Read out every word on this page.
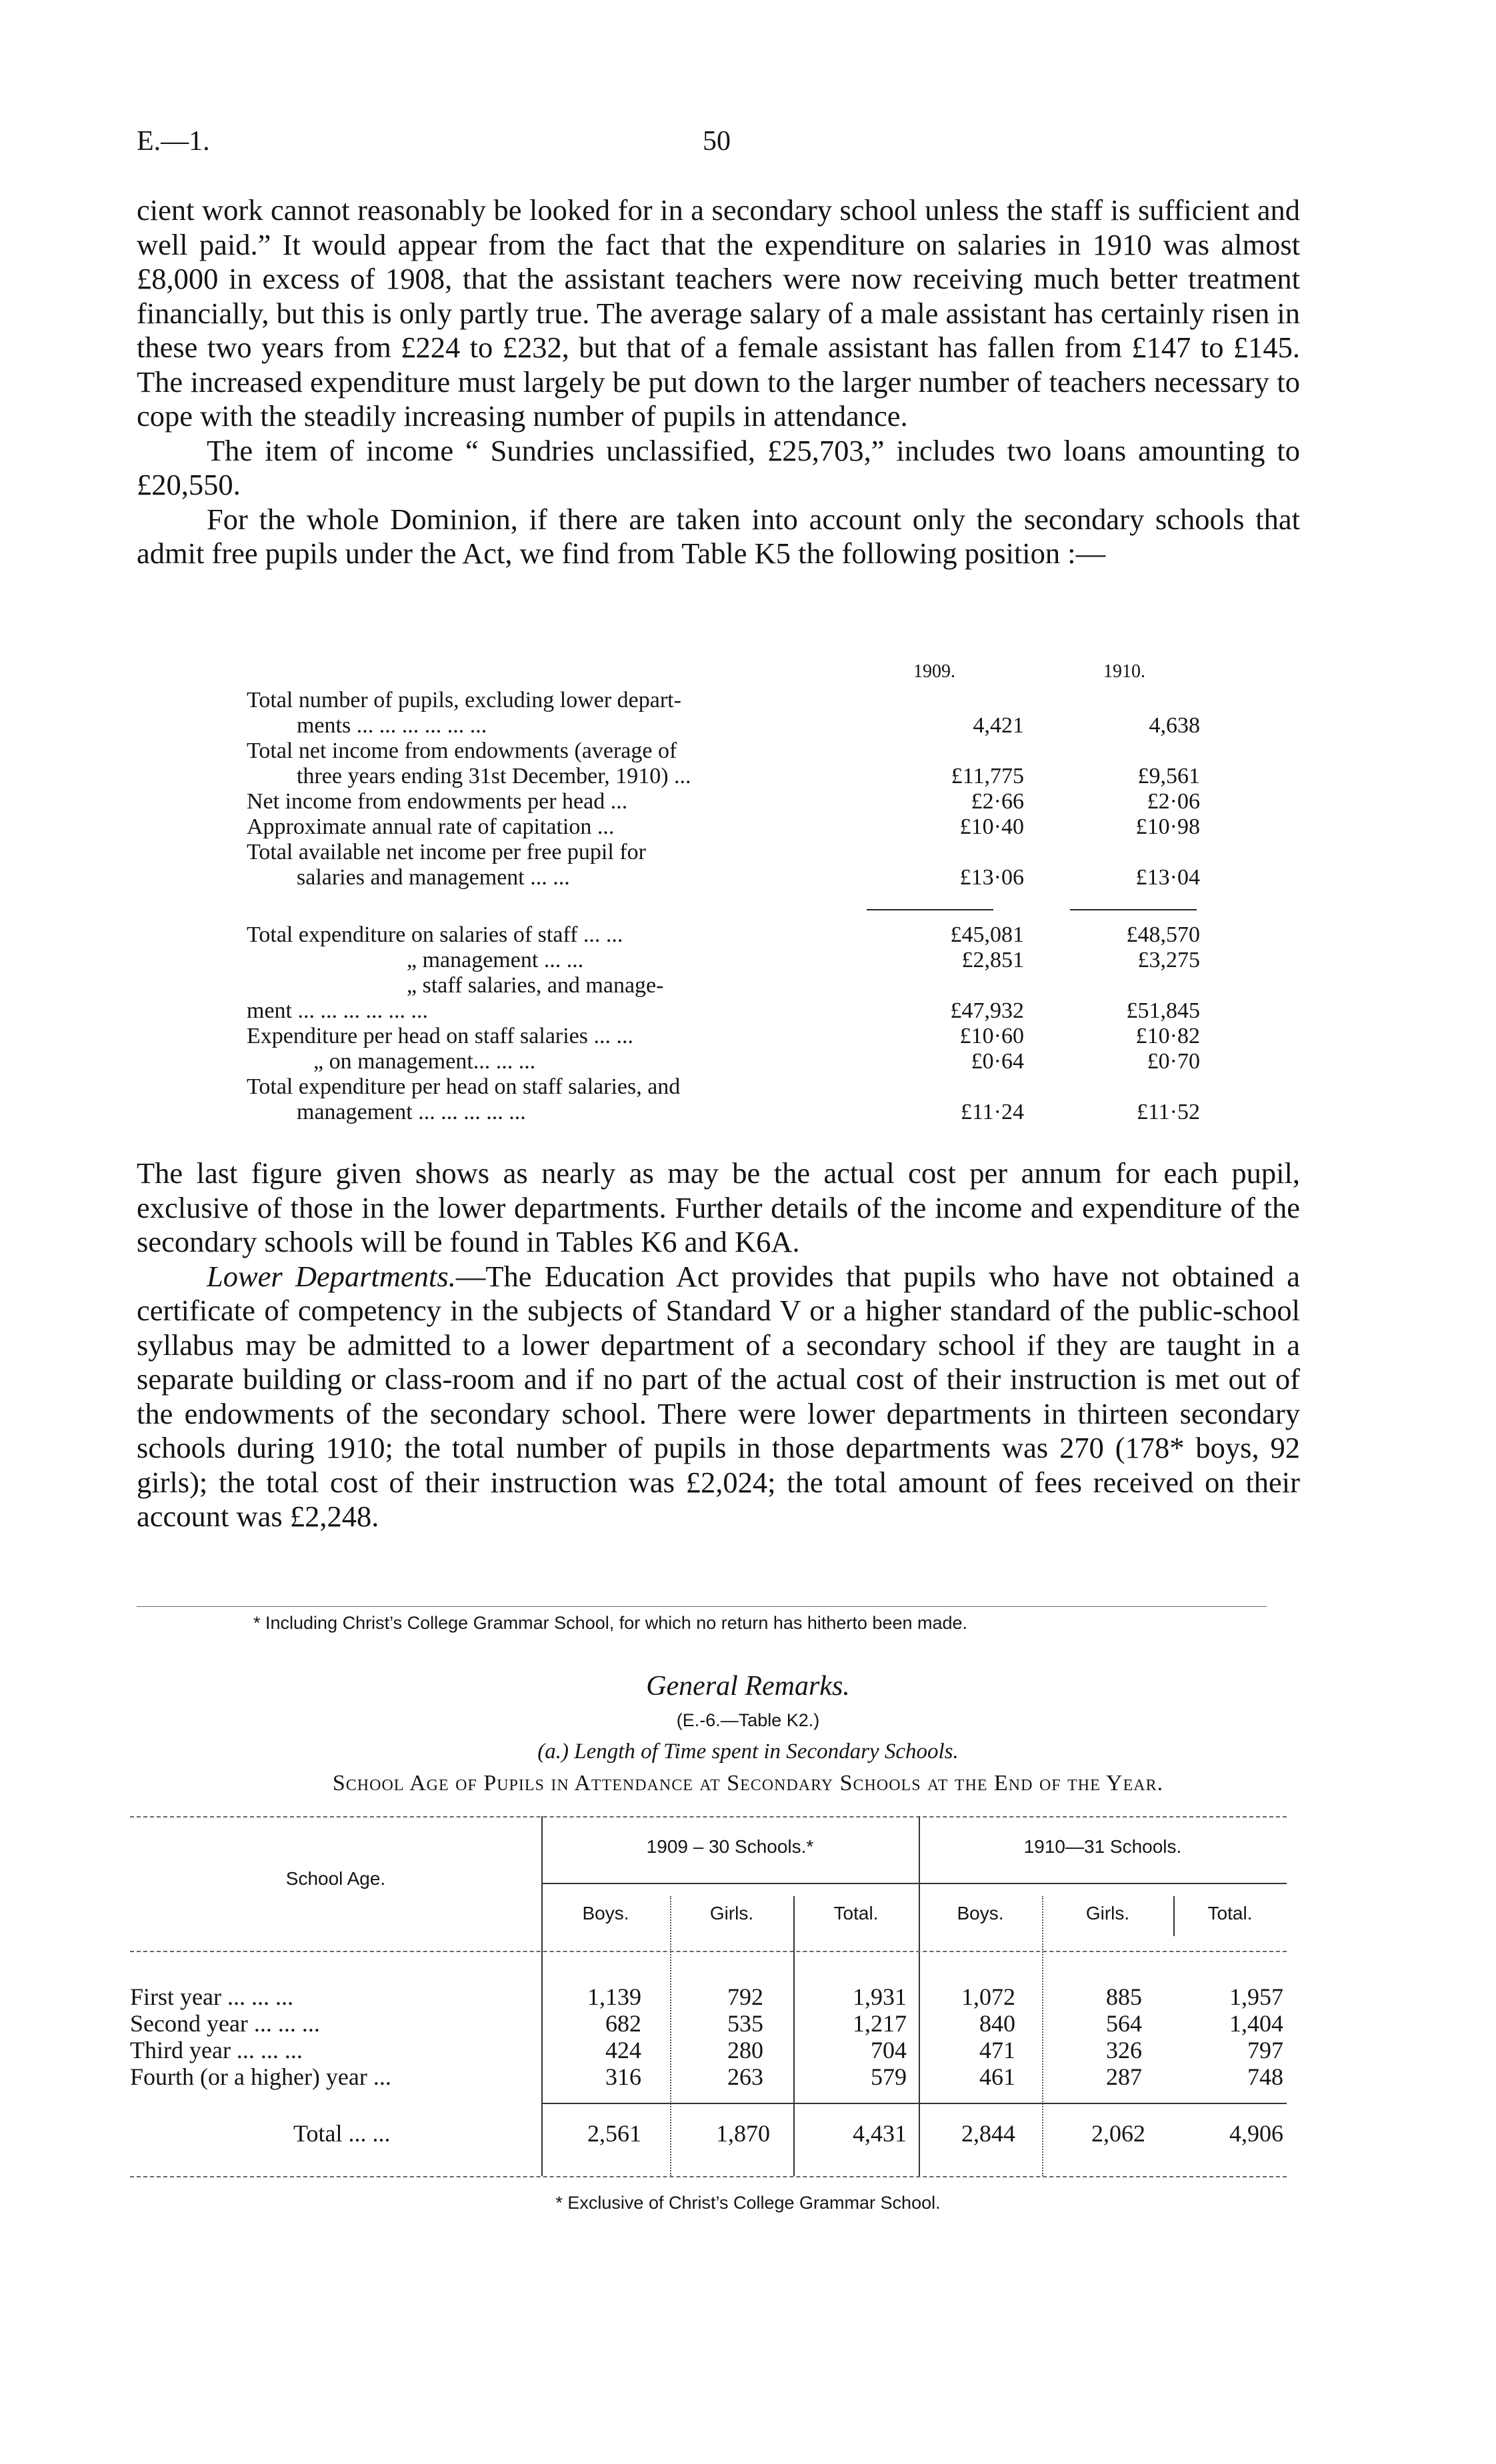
E.—1.	50

cient work cannot reasonably be looked for in a secondary school unless the staff is sufficient and well paid.” It would appear from the fact that the expenditure on salaries in 1910 was almost £8,000 in excess of 1908, that the assistant teachers were now receiving much better treatment financially, but this is only partly true. The average salary of a male assistant has certainly risen in these two years from £224 to £232, but that of a female assistant has fallen from £147 to £145. The increased expenditure must largely be put down to the larger number of teachers necessary to cope with the steadily increasing number of pupils in attendance.

The item of income “ Sundries unclassified, £25,703,” includes two loans amounting to £20,550.

For the whole Dominion, if there are taken into account only the secondary schools that admit free pupils under the Act, we find from Table K5 the following position :—

1909.	1910.
Total number of pupils, excluding lower depart-
ments ... ... ... ... ... ...	4,421	4,638
Total net income from endowments (average of
three years ending 31st December, 1910) ...	£11,775	£9,561
Net income from endowments per head ...	£2·66	£2·06
Approximate annual rate of capitation ...	£10·40	£10·98
Total available net income per free pupil for
salaries and management ... ...	£13·06	£13·04
Total expenditure on salaries of staff ... ...	£45,081	£48,570
„ management ... ...	£2,851	£3,275
„ staff salaries, and manage-
ment ... ... ... ... ... ...	£47,932	£51,845
Expenditure per head on staff salaries ... ...	£10·60	£10·82
„ on management... ... ...	£0·64	£0·70
Total expenditure per head on staff salaries, and
management ... ... ... ... ...	£11·24	£11·52

The last figure given shows as nearly as may be the actual cost per annum for each pupil, exclusive of those in the lower departments. Further details of the income and expenditure of the secondary schools will be found in Tables K6 and K6A.

Lower Departments.—The Education Act provides that pupils who have not obtained a certificate of competency in the subjects of Standard V or a higher standard of the public-school syllabus may be admitted to a lower department of a secondary school if they are taught in a separate building or class-room and if no part of the actual cost of their instruction is met out of the endowments of the secondary school. There were lower departments in thirteen secondary schools during 1910; the total number of pupils in those departments was 270 (178* boys, 92 girls); the total cost of their instruction was £2,024; the total amount of fees received on their account was £2,248.

* Including Christ’s College Grammar School, for which no return has hitherto been made.
General Remarks.
(E.-6.—Table K2.)
(a.) Length of Time spent in Secondary Schools.
School Age of Pupils in Attendance at Secondary Schools at the End of the Year.
School Age.
1909 – 30 Schools.*	1910—31 Schools.
Boys.	Girls.	Total.	Boys.	Girls.	Total.
First year ... ... ...	1,139	792	1,931	1,072	885	1,957
Second year ... ... ...	682	535	1,217	840	564	1,404
Third year ... ... ...	424	280	704	471	326	797
Fourth (or a higher) year ...	316	263	579	461	287	748
Total ... ...	2,561	1,870	4,431	2,844	2,062	4,906
* Exclusive of Christ’s College Grammar School.
